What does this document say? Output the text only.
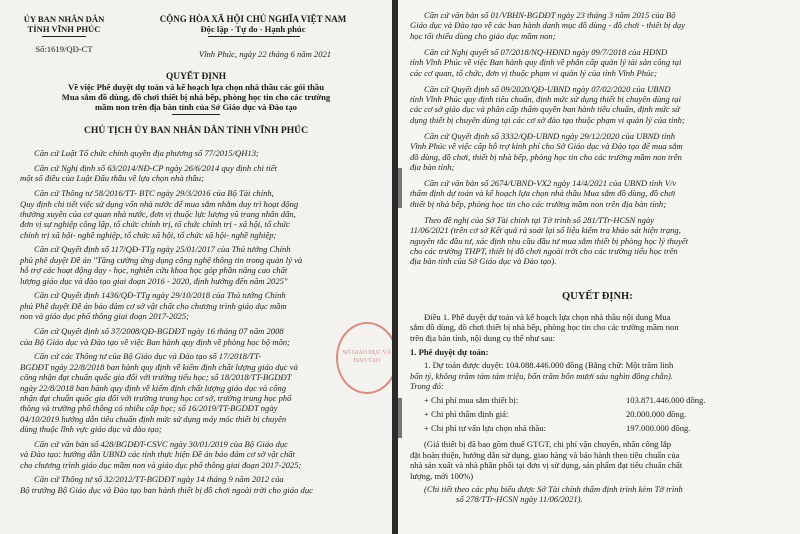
ỦY BAN NHÂN DÂN
TỈNH VĨNH PHÚC
Số:1619/QĐ-CT
CỘNG HÒA XÃ HỘI CHỦ NGHĨA VIỆT NAM
Độc lập - Tự do - Hạnh phúc
Vĩnh Phúc, ngày 22 tháng 6 năm 2021
QUYẾT ĐỊNH
Về việc Phê duyệt dự toán và kế hoạch lựa chọn nhà thầu các gói thầu
Mua sắm đồ dùng, đồ chơi thiết bị nhà bếp, phòng học tin cho các trường
mầm non trên địa bàn tỉnh của Sở Giáo dục và Đào tạo
CHỦ TỊCH ỦY BAN NHÂN DÂN TỈNH VĨNH PHÚC
Căn cứ Luật Tổ chức chính quyền địa phương số 77/2015/QH13;
Căn cứ Nghị định số 63/2014/NĐ-CP ngày 26/6/2014 quy định chi tiết
một số điều của Luật Đấu thầu về lựa chọn nhà thầu;
Căn cứ Thông tư 58/2016/TT- BTC ngày 29/3/2016 của Bộ Tài chính,
Quy định chi tiết việc sử dụng vốn nhà nước để mua sắm nhằm duy trì hoạt động
thường xuyên của cơ quan nhà nước, đơn vị thuộc lực lượng vũ trang nhân dân,
đơn vị sự nghiệp công lập, tổ chức chính trị, tổ chức chính trị - xã hội, tổ chức
chính trị xã hội- nghề nghiệp, tổ chức xã hội, tổ chức xã hội- nghề nghiệp;
Căn cứ Quyết định số 117/QĐ-TTg ngày 25/01/2017 của Thủ tướng Chính
phủ phê duyệt Đề án "Tăng cường ứng dụng công nghệ thông tin trong quản lý và
hỗ trợ các hoạt động dạy - học, nghiên cứu khoa học góp phần nâng cao chất
lượng giáo dục và đào tạo giai đoạn 2016 - 2020, định hướng đến năm 2025"
Căn cứ Quyết định 1436/QĐ-TTg ngày 29/10/2018 của Thủ tướng Chính
phủ Phê duyệt Đề án bảo đảm cơ sở vật chất cho chương trình giáo dục mầm
non và giáo dục phổ thông giai đoạn 2017-2025;
Căn cứ Quyết định số 37/2008/QĐ-BGDĐT ngày 16 tháng 07 năm 2008
của Bộ Giáo dục và Đào tạo về việc Ban hành quy định về phòng học bộ môn;
Căn cứ các Thông tư của Bộ Giáo dục và Đào tạo số 17/2018/TT-
BGDĐT ngày 22/8/2018 ban hành quy định về kiểm định chất lượng giáo dục và
công nhận đạt chuẩn quốc gia đối với trường tiểu học; số 18/2018/TT-BGDĐT
ngày 22/8/2018 ban hành quy định về kiểm định chất lượng giáo dục và công
nhận đạt chuẩn quốc gia đối với trường trung học cơ sở, trường trung học phổ
thông và trường phổ thông có nhiều cấp học; số 16/2019/TT-BGDĐT ngày
04/10/2019 hướng dẫn tiêu chuẩn định mức sử dụng máy móc thiết bị chuyên
dùng thuộc lĩnh vực giáo dục và đào tạo;
Căn cứ văn bản số 428/BGDĐT-CSVC ngày 30/01/2019 của Bộ Giáo dục
và Đào tạo: hướng dẫn UBND các tỉnh thực hiện Đề án bảo đảm cơ sở vật chất
cho chương trình giáo dục mầm non và giáo dục phổ thông giai đoạn 2017-2025;
Căn cứ Thông tư số 32/2012/TT-BGDĐT ngày 14 tháng 9 năm 2012 của
Bộ trưởng Bộ Giáo dục và Đào tạo ban hành thiết bị đồ chơi ngoài trời cho giáo dục
SỞ GIÁO DỤC VÀ ĐÀO TẠO
Căn cứ văn bản số 01/VBHN-BGDĐT ngày 23 tháng 3 năm 2015 của Bộ
Giáo dục và Đào tạo về các ban hành danh mục đồ dùng - đồ chơi - thiết bị dạy
học tối thiểu dùng cho giáo dục mầm non;
Căn cứ Nghị quyết số 07/2018/NQ-HĐND ngày 09/7/2018 của HĐND
tỉnh Vĩnh Phúc về việc Ban hành quy định về phân cấp quản lý tài sản công tại
các cơ quan, tổ chức, đơn vị thuộc phạm vi quản lý của tỉnh Vĩnh Phúc;
Căn cứ Quyết định số 09/2020/QĐ-UBND ngày 07/02/2020 của UBND
tỉnh Vĩnh Phúc quy định tiêu chuẩn, định mức sử dụng thiết bị chuyên dùng tại
các cơ sở giáo dục và phân cấp thẩm quyền ban hành tiêu chuẩn, định mức sử
dụng thiết bị chuyên dùng tại các cơ sở đào tạo thuộc phạm vi quản lý của tỉnh;
Căn cứ Quyết định số 3332/QĐ-UBND ngày 29/12/2020 của UBND tỉnh
Vĩnh Phúc về việc cấp hỗ trợ kinh phí cho Sở Giáo dục và Đào tạo để mua sắm
đồ dùng, đồ chơi, thiết bị nhà bếp, phòng học tin cho các trường mầm non trên
địa bàn tỉnh;
Căn cứ văn bản số 2674/UBND-VX2 ngày 14/4/2021 của UBND tỉnh V/v
thẩm định dự toán và kế hoạch lựa chọn nhà thầu Mua sắm đồ dùng, đồ chơi
thiết bị nhà bếp, phòng học tin cho các trường mầm non trên địa bàn tỉnh;
Theo đề nghị của Sở Tài chính tại Tờ trình số 281/TTr-HCSN ngày
11/06/2021 (trên cơ sở Kết quả rà soát lại số liệu kiểm tra khảo sát hiện trạng,
nguyên tắc đầu tư, xác định nhu cầu đầu tư mua sắm thiết bị phòng học lý thuyết
cho các trường THPT, thiết bị đồ chơi ngoài trời cho các trường tiểu học trên
địa bàn tỉnh của Sở Giáo dục và Đào tạo).
QUYẾT ĐỊNH:
Điều 1. Phê duyệt dự toán và kế hoạch lựa chọn nhà thầu nội dung Mua
sắm đồ dùng, đồ chơi thiết bị nhà bếp, phòng học tin cho các trường mầm non
trên địa bàn tỉnh, nội dung cụ thể như sau:
1. Phê duyệt dự toán:
1. Dự toán được duyệt: 104.088.446.000 đồng (Bằng chữ: Một trăm linh
bốn tỷ, không trăm tám tám triệu, bốn trăm bốn mươi sáu nghìn đồng chẵn).
Trong đó:
+ Chi phí mua sắm thiết bị:	103.871.446.000 đồng.
+ Chi phí thẩm định giá:	20.000.000 đồng.
+ Chi phí tư vấn lựa chọn nhà thầu:	197.000.000 đồng.
(Giá thiết bị đã bao gồm thuế GTGT, chi phí vận chuyển, nhân công lắp
đặt hoàn thiện, hướng dẫn sử dụng, giao hàng và bảo hành theo tiêu chuẩn của
nhà sản xuất và nhà phân phối tại đơn vị sử dụng, sản phẩm đạt tiêu chuẩn chất
lượng, mới 100%)
(Chi tiết theo các phụ biểu được Sở Tài chính thẩm định trình kèm Tờ trình
số 278/TTr-HCSN ngày 11/06/2021).
